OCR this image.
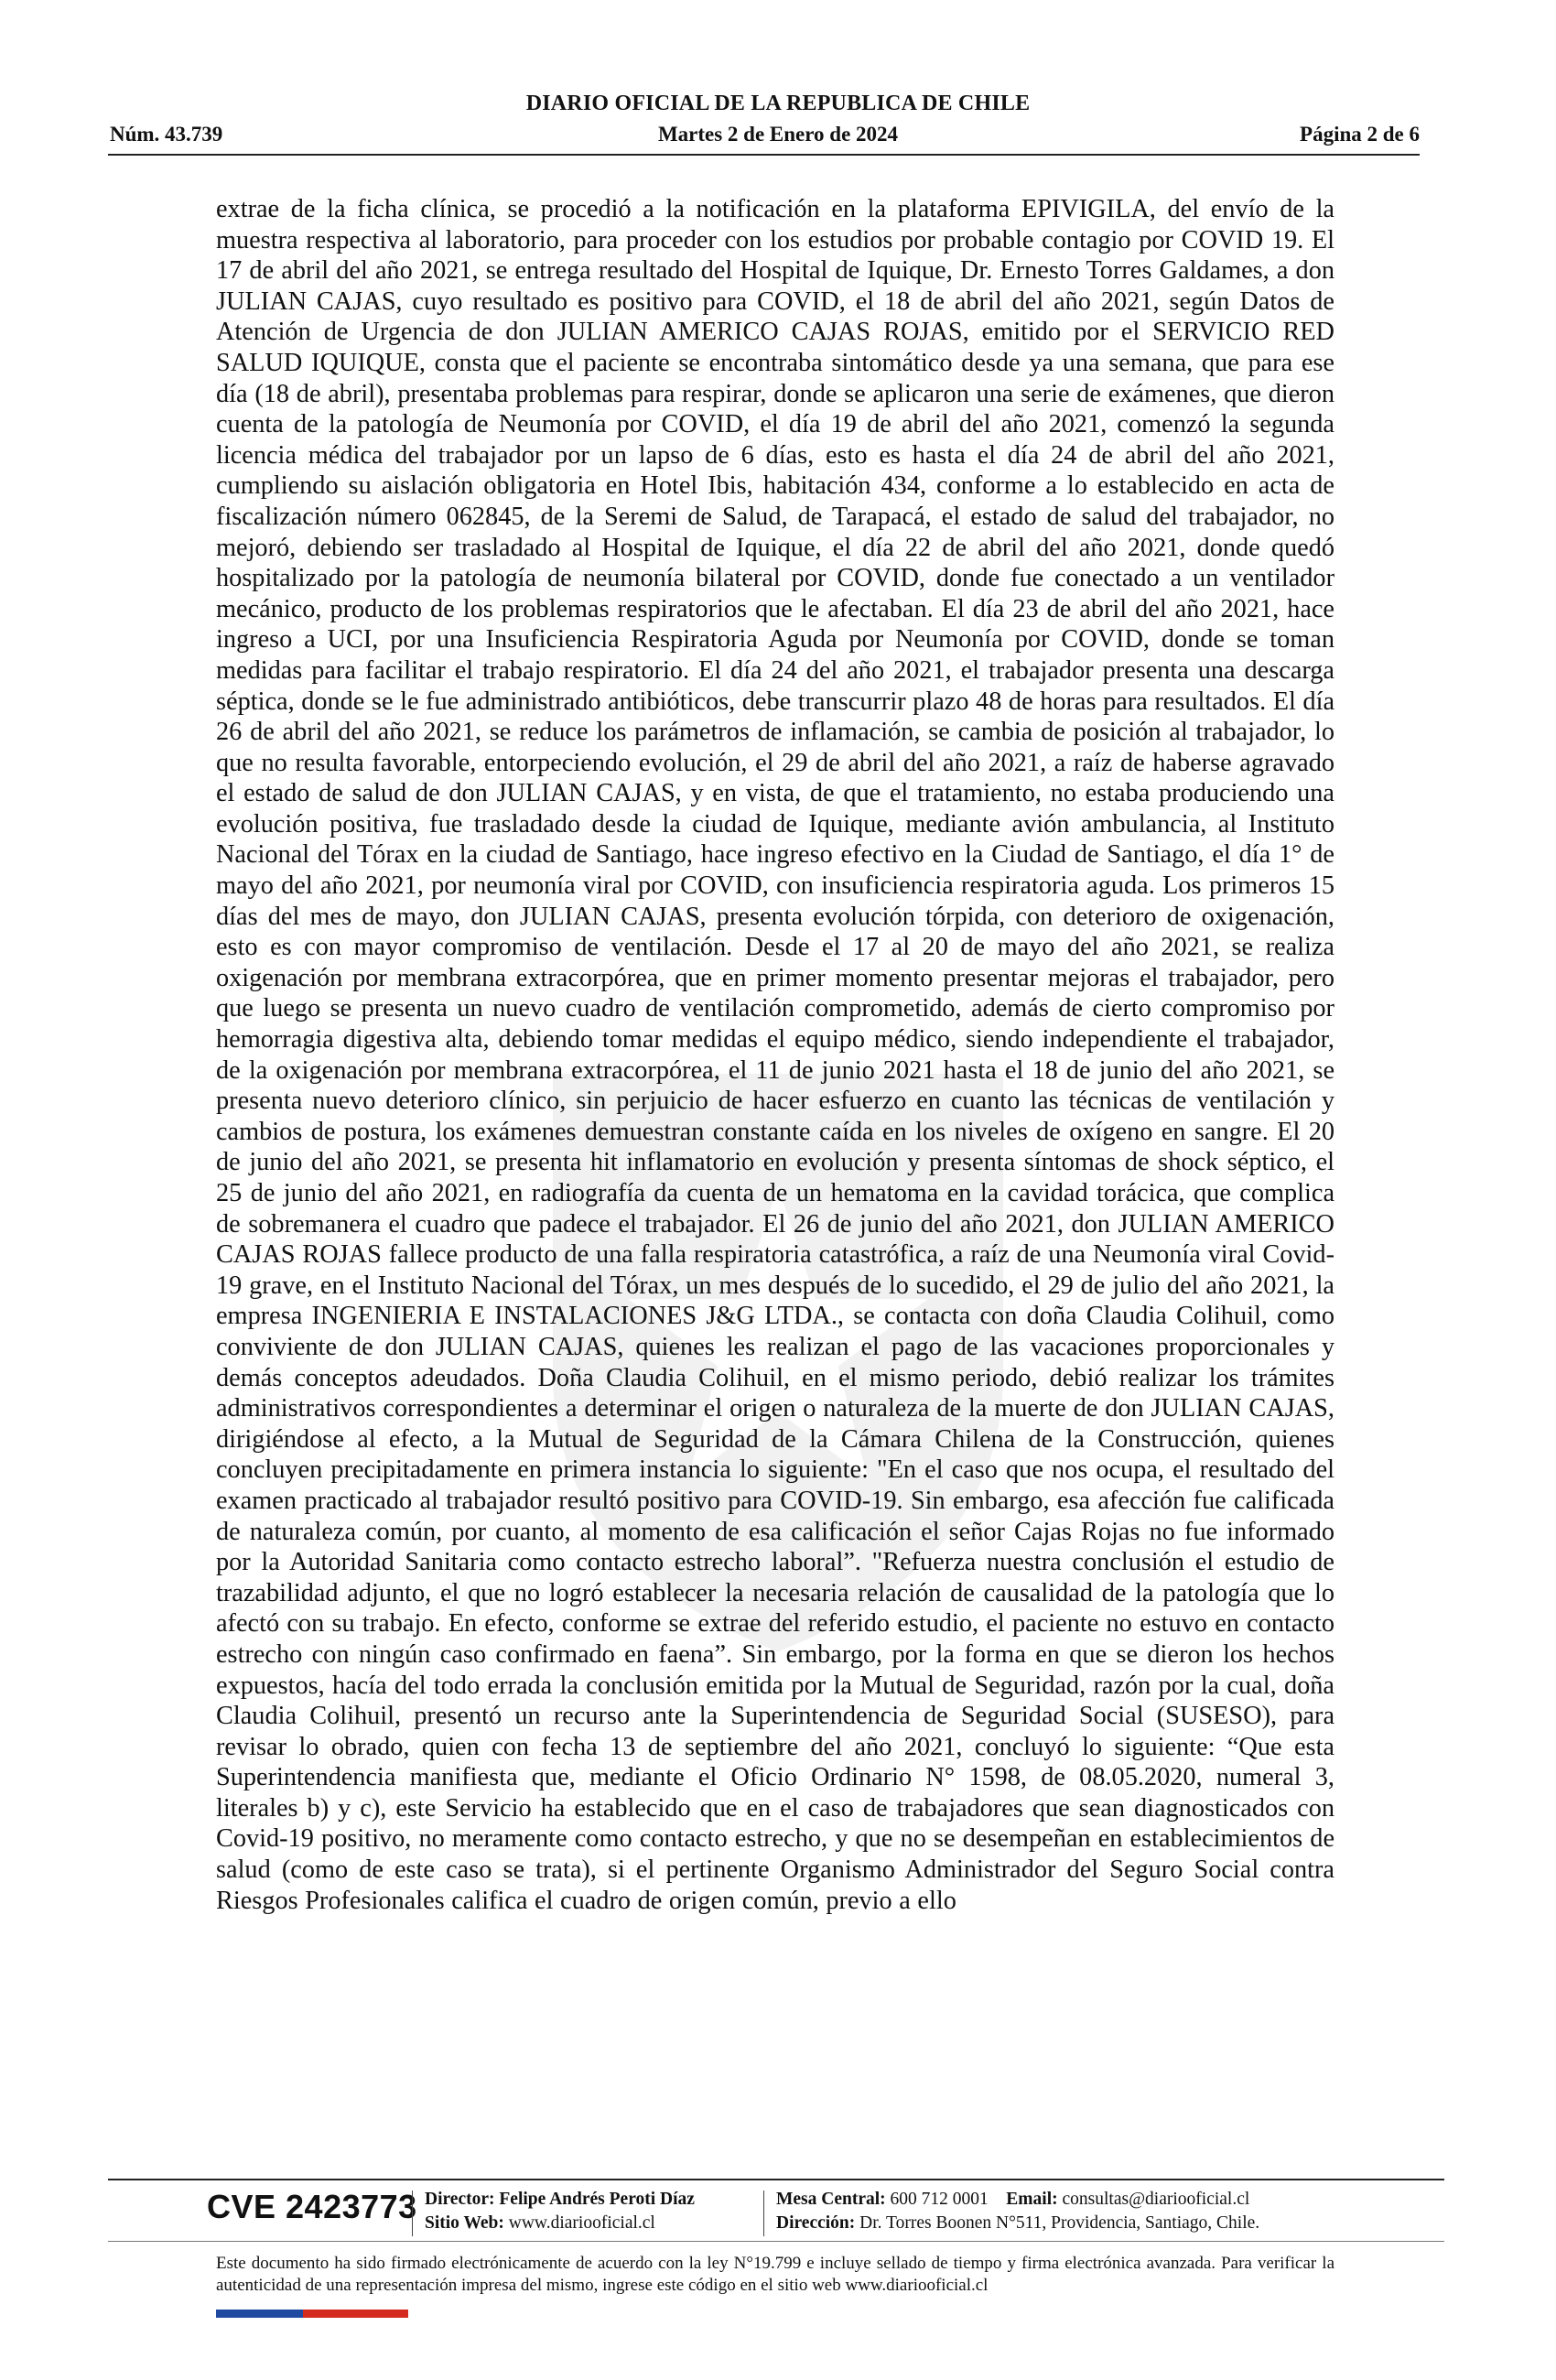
DIARIO OFICIAL DE LA REPUBLICA DE CHILE
Núm. 43.739	Martes 2 de Enero de 2024	Página 2 de 6
extrae de la ficha clínica, se procedió a la notificación en la plataforma EPIVIGILA, del envío de la muestra respectiva al laboratorio, para proceder con los estudios por probable contagio por COVID 19. El 17 de abril del año 2021, se entrega resultado del Hospital de Iquique, Dr. Ernesto Torres Galdames, a don JULIAN CAJAS, cuyo resultado es positivo para COVID, el 18 de abril del año 2021, según Datos de Atención de Urgencia de don JULIAN AMERICO CAJAS ROJAS, emitido por el SERVICIO RED SALUD IQUIQUE, consta que el paciente se encontraba sintomático desde ya una semana, que para ese día (18 de abril), presentaba problemas para respirar, donde se aplicaron una serie de exámenes, que dieron cuenta de la patología de Neumonía por COVID, el día 19 de abril del año 2021, comenzó la segunda licencia médica del trabajador por un lapso de 6 días, esto es hasta el día 24 de abril del año 2021, cumpliendo su aislación obligatoria en Hotel Ibis, habitación 434, conforme a lo establecido en acta de fiscalización número 062845, de la Seremi de Salud, de Tarapacá, el estado de salud del trabajador, no mejoró, debiendo ser trasladado al Hospital de Iquique, el día 22 de abril del año 2021, donde quedó hospitalizado por la patología de neumonía bilateral por COVID, donde fue conectado a un ventilador mecánico, producto de los problemas respiratorios que le afectaban. El día 23 de abril del año 2021, hace ingreso a UCI, por una Insuficiencia Respiratoria Aguda por Neumonía por COVID, donde se toman medidas para facilitar el trabajo respiratorio. El día 24 del año 2021, el trabajador presenta una descarga séptica, donde se le fue administrado antibióticos, debe transcurrir plazo 48 de horas para resultados. El día 26 de abril del año 2021, se reduce los parámetros de inflamación, se cambia de posición al trabajador, lo que no resulta favorable, entorpeciendo evolución, el 29 de abril del año 2021, a raíz de haberse agravado el estado de salud de don JULIAN CAJAS, y en vista, de que el tratamiento, no estaba produciendo una evolución positiva, fue trasladado desde la ciudad de Iquique, mediante avión ambulancia, al Instituto Nacional del Tórax en la ciudad de Santiago, hace ingreso efectivo en la Ciudad de Santiago, el día 1° de mayo del año 2021, por neumonía viral por COVID, con insuficiencia respiratoria aguda. Los primeros 15 días del mes de mayo, don JULIAN CAJAS, presenta evolución tórpida, con deterioro de oxigenación, esto es con mayor compromiso de ventilación. Desde el 17 al 20 de mayo del año 2021, se realiza oxigenación por membrana extracorpórea, que en primer momento presentar mejoras el trabajador, pero que luego se presenta un nuevo cuadro de ventilación comprometido, además de cierto compromiso por hemorragia digestiva alta, debiendo tomar medidas el equipo médico, siendo independiente el trabajador, de la oxigenación por membrana extracorpórea, el 11 de junio 2021 hasta el 18 de junio del año 2021, se presenta nuevo deterioro clínico, sin perjuicio de hacer esfuerzo en cuanto las técnicas de ventilación y cambios de postura, los exámenes demuestran constante caída en los niveles de oxígeno en sangre. El 20 de junio del año 2021, se presenta hit inflamatorio en evolución y presenta síntomas de shock séptico, el 25 de junio del año 2021, en radiografía da cuenta de un hematoma en la cavidad torácica, que complica de sobremanera el cuadro que padece el trabajador. El 26 de junio del año 2021, don JULIAN AMERICO CAJAS ROJAS fallece producto de una falla respiratoria catastrófica, a raíz de una Neumonía viral Covid-19 grave, en el Instituto Nacional del Tórax, un mes después de lo sucedido, el 29 de julio del año 2021, la empresa INGENIERIA E INSTALACIONES J&G LTDA., se contacta con doña Claudia Colihuil, como conviviente de don JULIAN CAJAS, quienes les realizan el pago de las vacaciones proporcionales y demás conceptos adeudados. Doña Claudia Colihuil, en el mismo periodo, debió realizar los trámites administrativos correspondientes a determinar el origen o naturaleza de la muerte de don JULIAN CAJAS, dirigiéndose al efecto, a la Mutual de Seguridad de la Cámara Chilena de la Construcción, quienes concluyen precipitadamente en primera instancia lo siguiente: "En el caso que nos ocupa, el resultado del examen practicado al trabajador resultó positivo para COVID-19. Sin embargo, esa afección fue calificada de naturaleza común, por cuanto, al momento de esa calificación el señor Cajas Rojas no fue informado por la Autoridad Sanitaria como contacto estrecho laboral”. "Refuerza nuestra conclusión el estudio de trazabilidad adjunto, el que no logró establecer la necesaria relación de causalidad de la patología que lo afectó con su trabajo. En efecto, conforme se extrae del referido estudio, el paciente no estuvo en contacto estrecho con ningún caso confirmado en faena”. Sin embargo, por la forma en que se dieron los hechos expuestos, hacía del todo errada la conclusión emitida por la Mutual de Seguridad, razón por la cual, doña Claudia Colihuil, presentó un recurso ante la Superintendencia de Seguridad Social (SUSESO), para revisar lo obrado, quien con fecha 13 de septiembre del año 2021, concluyó lo siguiente: “Que esta Superintendencia manifiesta que, mediante el Oficio Ordinario N° 1598, de 08.05.2020, numeral 3, literales b) y c), este Servicio ha establecido que en el caso de trabajadores que sean diagnosticados con Covid-19 positivo, no meramente como contacto estrecho, y que no se desempeñan en establecimientos de salud (como de este caso se trata), si el pertinente Organismo Administrador del Seguro Social contra Riesgos Profesionales califica el cuadro de origen común, previo a ello
CVE 2423773 Director: Felipe Andrés Peroti Díaz
Sitio Web: www.diariooficial.cl
Mesa Central: 600 712 0001 Email: consultas@diariooficial.cl
Dirección: Dr. Torres Boonen N°511, Providencia, Santiago, Chile.
Este documento ha sido firmado electrónicamente de acuerdo con la ley N°19.799 e incluye sellado de tiempo y firma electrónica avanzada. Para verificar la autenticidad de una representación impresa del mismo, ingrese este código en el sitio web www.diariooficial.cl
